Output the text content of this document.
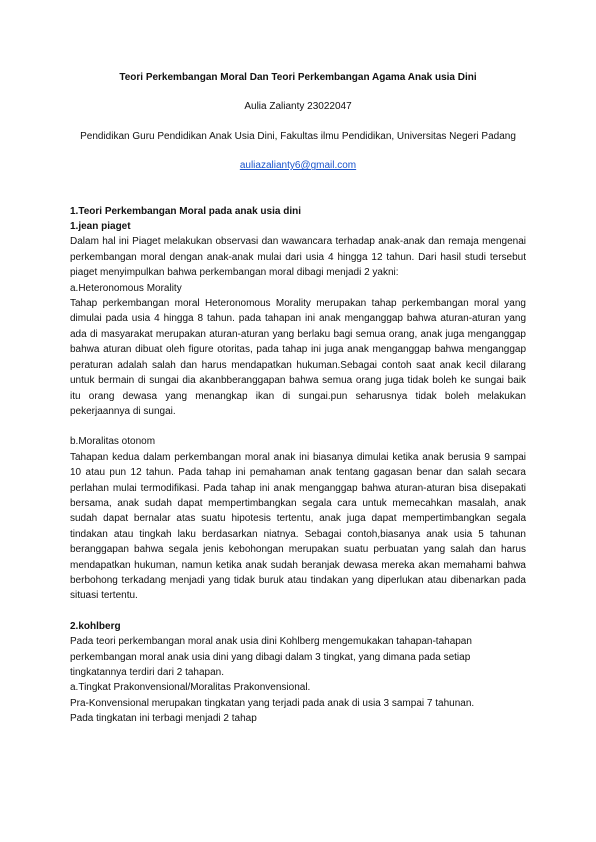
Teori Perkembangan Moral Dan Teori Perkembangan Agama Anak usia Dini
Aulia Zalianty 23022047
Pendidikan Guru Pendidikan Anak Usia Dini, Fakultas ilmu Pendidikan, Universitas Negeri Padang
auliazalianty6@gmail.com
1.Teori Perkembangan Moral pada anak usia dini
1.jean piaget

Dalam hal ini Piaget melakukan observasi dan wawancara terhadap anak-anak dan remaja mengenai perkembangan moral dengan anak-anak mulai dari usia 4 hingga 12 tahun. Dari hasil studi tersebut piaget menyimpulkan bahwa perkembangan moral dibagi menjadi 2 yakni:

a.Heteronomous Morality

Tahap perkembangan moral Heteronomous Morality merupakan tahap perkembangan moral yang dimulai pada usia 4 hingga 8 tahun. pada tahapan ini anak menganggap bahwa aturan-aturan yang ada di masyarakat merupakan aturan-aturan yang berlaku bagi semua orang, anak juga menganggap bahwa aturan dibuat oleh figure otoritas, pada tahap ini juga anak menganggap bahwa menganggap peraturan adalah salah dan harus mendapatkan hukuman.Sebagai contoh saat anak kecil dilarang untuk bermain di sungai dia akanbberanggapan bahwa semua orang juga tidak boleh ke sungai baik itu orang dewasa yang menangkap ikan di sungai.pun seharusnya tidak boleh melakukan pekerjaannya di sungai.

b.Moralitas otonom

Tahapan kedua dalam perkembangan moral anak ini biasanya dimulai ketika anak berusia 9 sampai 10 atau pun 12 tahun. Pada tahap ini pemahaman anak tentang gagasan benar dan salah secara perlahan mulai termodifikasi. Pada tahap ini anak menganggap bahwa aturan-aturan bisa disepakati bersama, anak sudah dapat mempertimbangkan segala cara untuk memecahkan masalah, anak sudah dapat bernalar atas suatu hipotesis tertentu, anak juga dapat mempertimbangkan segala tindakan atau tingkah laku berdasarkan niatnya. Sebagai contoh,biasanya anak usia 5 tahunan beranggapan bahwa segala jenis kebohongan merupakan suatu perbuatan yang salah dan harus mendapatkan hukuman, namun ketika anak sudah beranjak dewasa mereka akan memahami bahwa berbohong terkadang menjadi yang tidak buruk atau tindakan yang diperlukan atau dibenarkan pada situasi tertentu.

2.kohlberg

Pada teori perkembangan moral anak usia dini Kohlberg mengemukakan tahapan-tahapan perkembangan moral anak usia dini yang dibagi dalam 3 tingkat, yang dimana pada setiap tingkatannya terdiri dari 2 tahapan.

a.Tingkat Prakonvensional/Moralitas Prakonvensional.

Pra-Konvensional merupakan tingkatan yang terjadi pada anak di usia 3 sampai 7 tahunan.

Pada tingkatan ini terbagi menjadi 2 tahap
